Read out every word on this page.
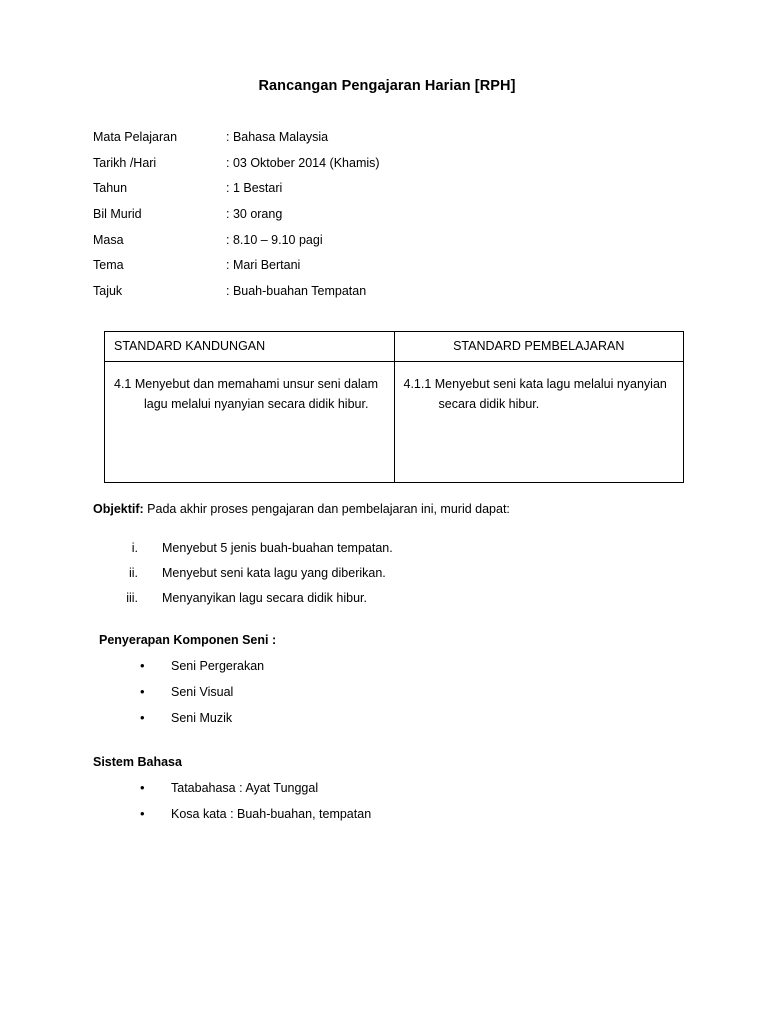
Rancangan Pengajaran Harian [RPH]
Mata Pelajaran	: Bahasa Malaysia
Tarikh /Hari	: 03 Oktober 2014 (Khamis)
Tahun	: 1 Bestari
Bil Murid	: 30 orang
Masa	: 8.10 – 9.10 pagi
Tema	: Mari Bertani
Tajuk	: Buah-buahan Tempatan
STANDARD KANDUNGAN	STANDARD PEMBELAJARAN

4.1 Menyebut dan memahami unsur seni dalam lagu melalui nyanyian secara didik hibur.	4.1.1 Menyebut seni kata lagu melalui nyanyian secara didik hibur.

Objektif: Pada akhir proses pengajaran dan pembelajaran ini, murid dapat:

i.	Menyebut 5 jenis buah-buahan tempatan.
ii.	Menyebut seni kata lagu yang diberikan.
iii.	Menyanyikan lagu secara didik hibur.
Penyerapan Komponen Seni :
• Seni Pergerakan
• Seni Visual
• Seni Muzik
Sistem Bahasa
• Tatabahasa : Ayat Tunggal
• Kosa kata : Buah-buahan, tempatan
